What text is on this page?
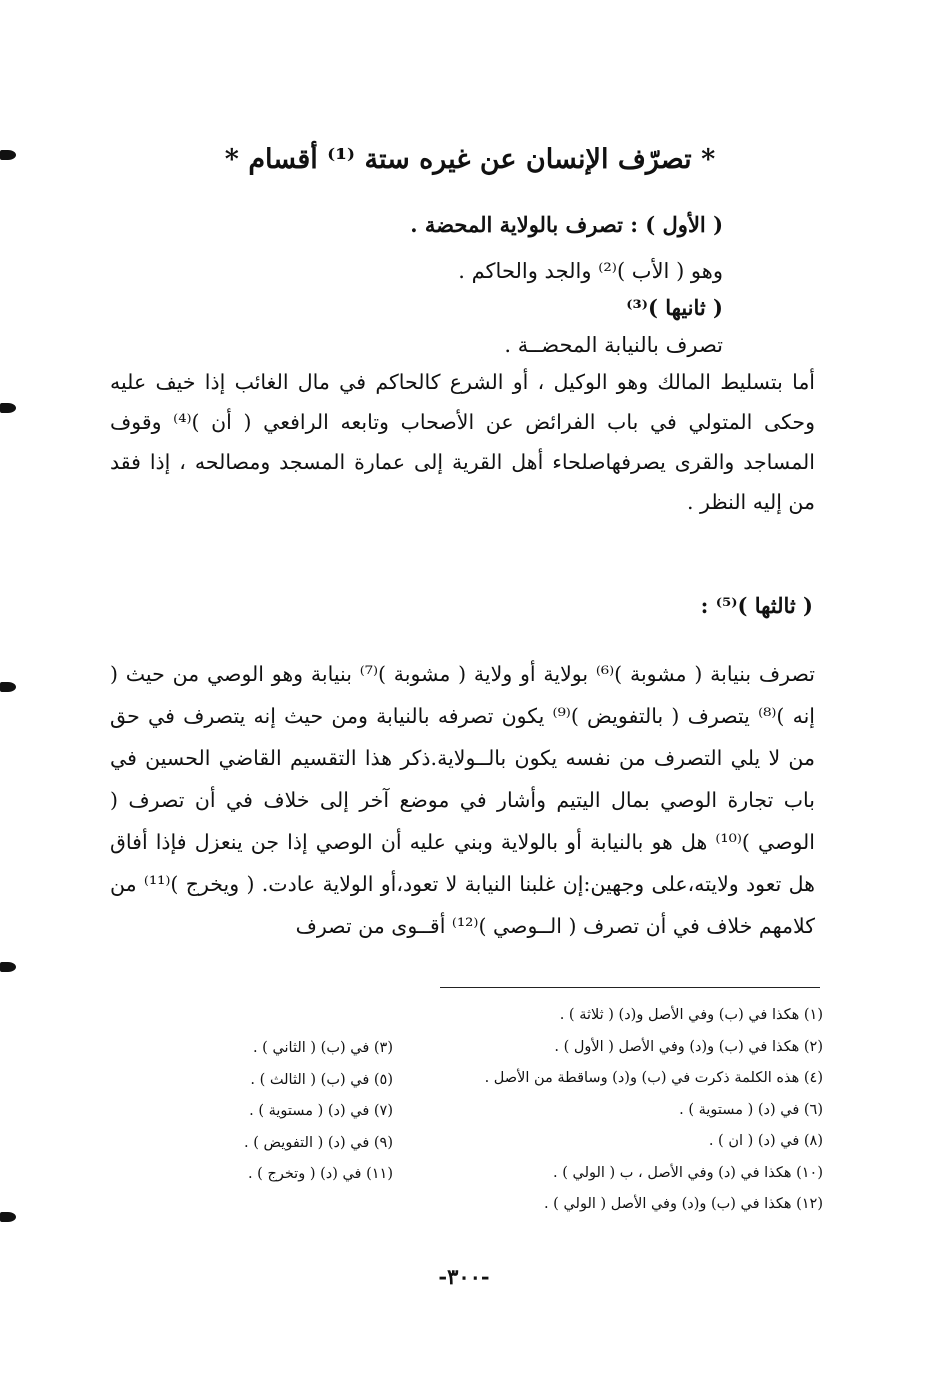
* تصرّف الإنسان عن غيره ستة ⁽¹⁾ أقسام *
( الأول ) : تصرف بالولاية المحضة .
وهو ( الأب )⁽²⁾ والجد والحاكم .
( ثانيها )⁽³⁾
تصرف بالنيابة المحضــة .
أما بتسليط المالك وهو الوكيل ، أو الشرع كالحاكم في مال الغائب إذا خيف عليه وحكى المتولي في باب الفرائض عن الأصحاب وتابعه الرافعي ( أن )⁽⁴⁾ وقوف المساجد والقرى يصرفهاصلحاء أهل القرية إلى عمارة المسجد ومصالحه ، إذا فقد من إليه النظر .
( ثالثها )⁽⁵⁾ :
تصرف بنيابة ( مشوبة )⁽⁶⁾ بولاية أو ولاية ( مشوبة )⁽⁷⁾ بنيابة وهو الوصي من حيث ( إنه )⁽⁸⁾ يتصرف ( بالتفويض )⁽⁹⁾ يكون تصرفه بالنيابة ومن حيث إنه يتصرف في حق من لا يلي التصرف من نفسه يكون بالــولاية.ذكر هذا التقسيم القاضي الحسين في باب تجارة الوصي بمال اليتيم وأشار في موضع آخر إلى خلاف في أن تصرف ( الوصي )⁽¹⁰⁾ هل هو بالنيابة أو بالولاية وبني عليه أن الوصي إذا جن ينعزل فإذا أفاق هل تعود ولايته،على وجهين:إن غلبنا النيابة لا تعود،أو الولاية عادت. ( ويخرج )⁽¹¹⁾ من كلامهم خلاف في أن تصرف ( الــوصي )⁽¹²⁾ أقــوى من تصرف
(١) هكذا في (ب) وفي الأصل و(د) ( ثلاثة ) .
(٢) هكذا في (ب) و(د) وفي الأصل ( الأول ) .
(٤) هذه الكلمة ذكرت في (ب) و(د) وساقطة من الأصل .
(٦) في (د) ( مستوية ) .
(٨) في (د) ( ان ) .
(١٠) هكذا في (د) وفي الأصل ، ب ( الولي ) .
(١٢) هكذا في (ب) و(د) وفي الأصل ( الولي ) .
(٣) في (ب) ( الثاني ) .
(٥) في (ب) ( الثالث ) .
(٧) في (د) ( مستوية ) .
(٩) في (د) ( التفويض ) .
(١١) في (د) ( وتخرج ) .
-٣٠٠-
